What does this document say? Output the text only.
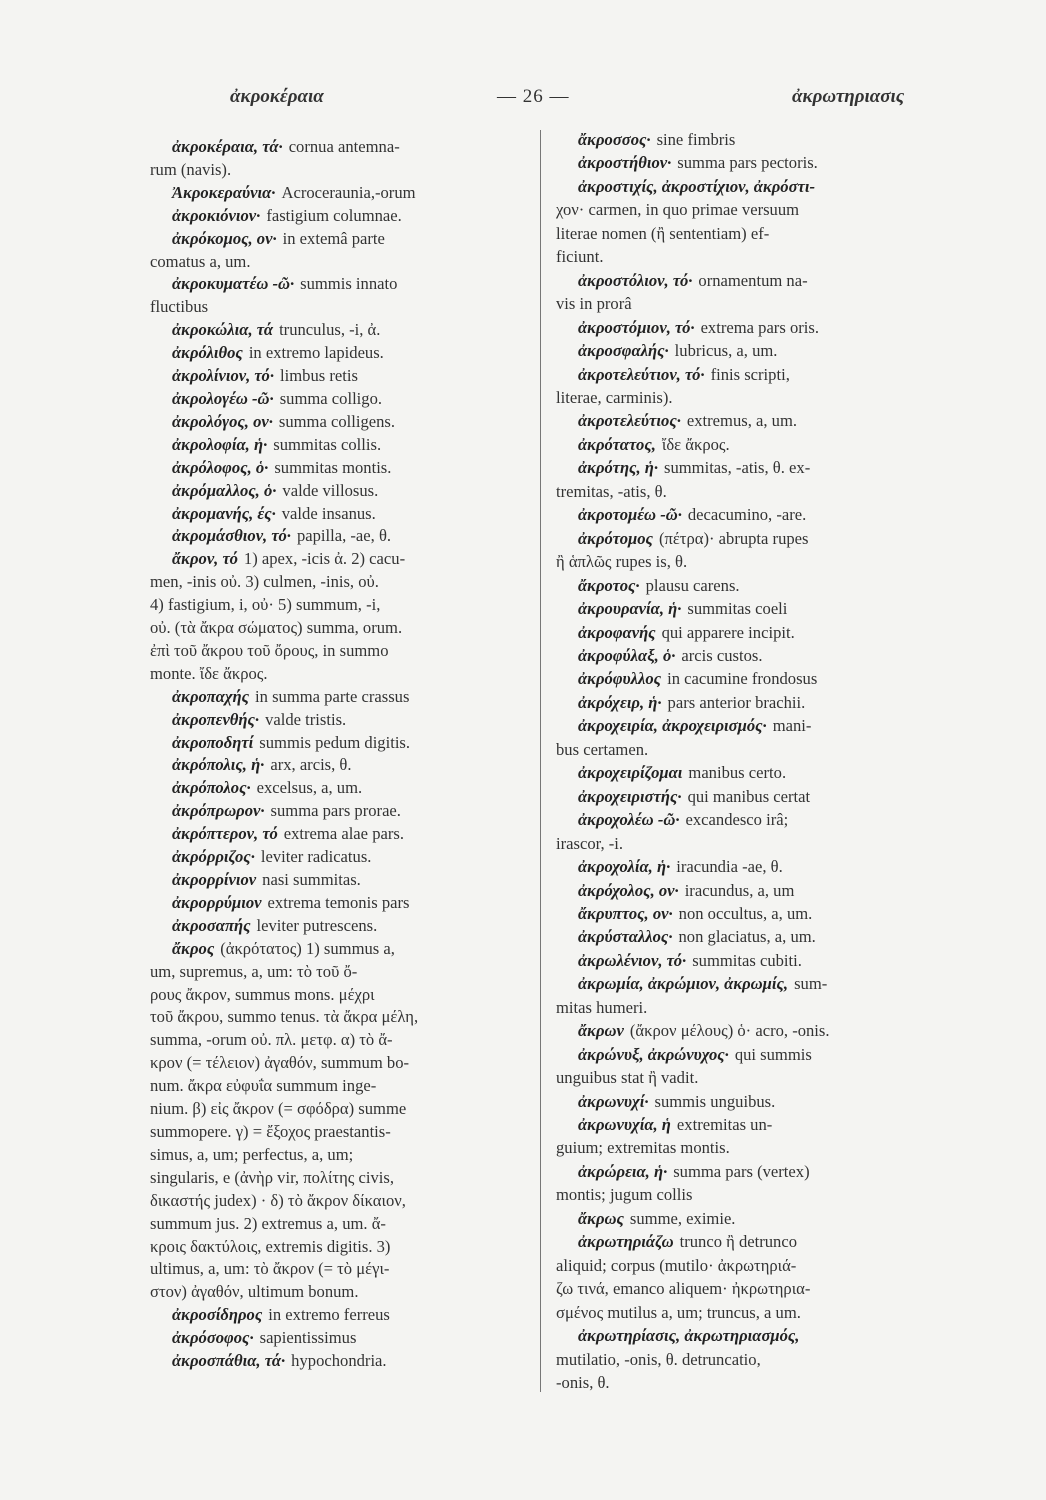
ἀκροκέραια	— 26 —	ἀκρωτηριασις
ἀκροκέραια, τά· cornua antemna-
rum (navis).
Ἀκροκεραύνια· Acroceraunia,-orum
ἀκροκιόνιον· fastigium columnae.
ἀκρόκομος, ον· in extemâ parte
comatus a, um.
ἀκροκυματέω -ῶ· summis innato
fluctibus
ἀκροκώλια, τά trunculus, -i, ἀ.
ἀκρόλιθος in extremo lapideus.
ἀκρολίνιον, τό· limbus retis
ἀκρολογέω -ῶ· summa colligo.
ἀκρολόγος, ον· summa colligens.
ἀκρολοφία, ἡ· summitas collis.
ἀκρόλοφος, ὁ· summitas montis.
ἀκρόμαλλος, ὁ· valde villosus.
ἀκρομανής, ές· valde insanus.
ἀκρομάσθιον, τό· papilla, -ae, θ.
ἄκρον, τό 1) apex, -icis ἀ. 2) cacu-
men, -inis οὐ. 3) culmen, -inis, οὐ.
4) fastigium, i, οὐ· 5) summum, -i,
οὐ. (τὰ ἄκρα σώματος) summa, orum.
ἐπὶ τοῦ ἄκρου τοῦ ὄρους, in summo
monte. ἴδε ἄκρος.
ἀκροπαχής in summa parte crassus
ἀκροπενθής· valde tristis.
ἀκροποδητί summis pedum digitis.
ἀκρόπολις, ἡ· arx, arcis, θ.
ἀκρόπολος· excelsus, a, um.
ἀκρόπρωρον· summa pars prorae.
ἀκρόπτερον, τό extrema alae pars.
ἀκρόρριζος· leviter radicatus.
ἀκρορρίνιον nasi summitas.
ἀκρορρύμιον extrema temonis pars
ἀκροσαπής leviter putrescens.
ἄκρος (ἀκρότατος) 1) summus a,
um, supremus, a, um: τὸ τοῦ ὄ-
ρους ἄκρον, summus mons. μέχρι
τοῦ ἄκρου, summo tenus. τὰ ἄκρα μέλη,
summa, -orum οὐ. πλ. μετφ. α) τὸ ἄ-
κρον (= τέλειον) ἀγαθόν, summum bo-
num. ἄκρα εὐφυΐα summum inge-
nium. β) εἰς ἄκρον (= σφόδρα) summe
summopere. γ) = ἔξοχος praestantis-
simus, a, um; perfectus, a, um;
singularis, e (ἀνὴρ vir, πολίτης civis,
δικαστής judex) · δ) τὸ ἄκρον δίκαιον,
summum jus. 2) extremus a, um. ἄ-
κροις δακτύλοις, extremis digitis. 3)
ultimus, a, um: τὸ ἄκρον (= τὸ μέγι-
στον) ἀγαθόν, ultimum bonum.
ἀκροσίδηρος in extremo ferreus
ἀκρόσοφος· sapientissimus
ἀκροσπάθια, τά· hypochondria.
ἄκροσσος· sine fimbris
ἀκροστήθιον· summa pars pectoris.
ἀκροστιχίς, ἀκροστίχιον, ἀκρόστι-
χον· carmen, in quo primae versuum
literae nomen (ἢ sententiam) ef-
ficiunt.
ἀκροστόλιον, τό· ornamentum na-
vis in prorâ
ἀκροστόμιον, τό· extrema pars oris.
ἀκροσφαλής· lubricus, a, um.
ἀκροτελεύτιον, τό· finis scripti,
literae, carminis).
ἀκροτελεύτιος· extremus, a, um.
ἀκρότατος, ἴδε ἄκρος.
ἀκρότης, ἡ· summitas, -atis, θ. ex-
tremitas, -atis, θ.
ἀκροτομέω -ῶ· decacumino, -are.
ἀκρότομος (πέτρα)· abrupta rupes
ἢ ἁπλῶς rupes is, θ.
ἄκροτος· plausu carens.
ἀκρουρανία, ἡ· summitas coeli
ἀκροφανής qui apparere incipit.
ἀκροφύλαξ, ὁ· arcis custos.
ἀκρόφυλλος in cacumine frondosus
ἀκρόχειρ, ἡ· pars anterior brachii.
ἀκροχειρία, ἀκροχειρισμός· mani-
bus certamen.
ἀκροχειρίζομαι manibus certo.
ἀκροχειριστής· qui manibus certat
ἀκροχολέω -ῶ· excandesco irâ;
irascor, -i.
ἀκροχολία, ἡ· iracundia -ae, θ.
ἀκρόχολος, ον· iracundus, a, um
ἄκρυπτος, ον· non occultus, a, um.
ἀκρύσταλλος· non glaciatus, a, um.
ἀκρωλένιον, τό· summitas cubiti.
ἀκρωμία, ἀκρώμιον, ἀκρωμίς, sum-
mitas humeri.
ἄκρων (ἄκρον μέλους) ὁ· acro, -onis.
ἀκρώνυξ, ἀκρώνυχος· qui summis
unguibus stat ἢ vadit.
ἀκρωνυχί· summis unguibus.
ἀκρωνυχία, ἡ extremitas un-
guium; extremitas montis.
ἀκρώρεια, ἡ· summa pars (vertex)
montis; jugum collis
ἄκρως summe, eximie.
ἀκρωτηριάζω trunco ἢ detrunco
aliquid; corpus (mutilo· ἀκρωτηριά-
ζω τινά, emanco aliquem· ἠκρωτηρια-
σμένος mutilus a, um; truncus, a um.
ἀκρωτηρίασις, ἀκρωτηριασμός,
mutilatio, -onis, θ. detruncatio,
-onis, θ.
